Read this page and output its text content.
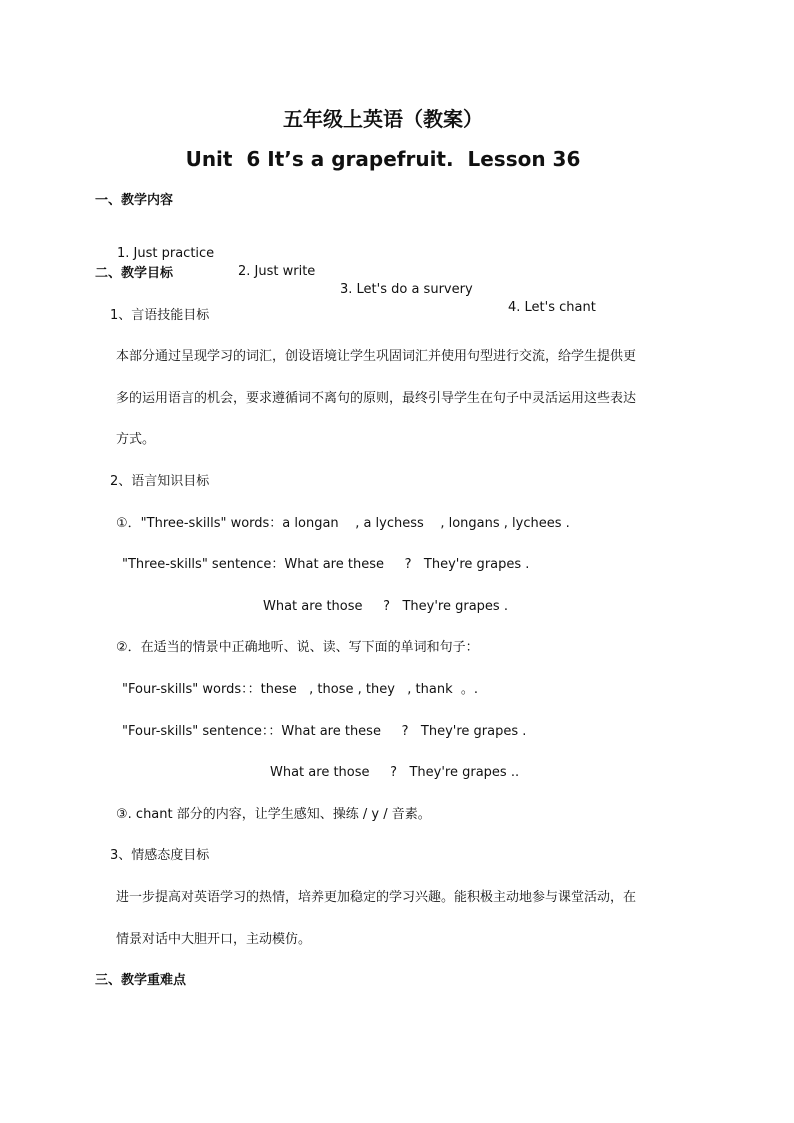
五年级上英语（教案）
Unit  6 It’s a grapefruit.  Lesson 36
一、教学内容

1. Just practice

2. Just write

3. Let's do a survery

4. Let's chant

二、教学目标
1、言语技能目标
本部分通过呈现学习的词汇，创设语境让学生巩固词汇并使用句型进行交流，给学生提供更
多的运用语言的机会，要求遵循词不离句的原则，最终引导学生在句子中灵活运用这些表达
方式。
2、语言知识目标
①．"Three-skills" words：a longan    , a lychess    , longans , lychees .
"Three-skills" sentence：What are these     ?   They're grapes .
What are those     ?   They're grapes .
②．在适当的情景中正确地听、说、读、写下面的单词和句子：
"Four-skills" words：：these   , those , they   , thank  。.
"Four-skills" sentence：：What are these     ?   They're grapes .
What are those     ?   They're grapes ..
③. chant 部分的内容，让学生感知、操练 / y / 音素。
3、情感态度目标
进一步提高对英语学习的热情，培养更加稳定的学习兴趣。能积极主动地参与课堂活动，在
情景对话中大胆开口，主动模仿。
三、教学重难点
